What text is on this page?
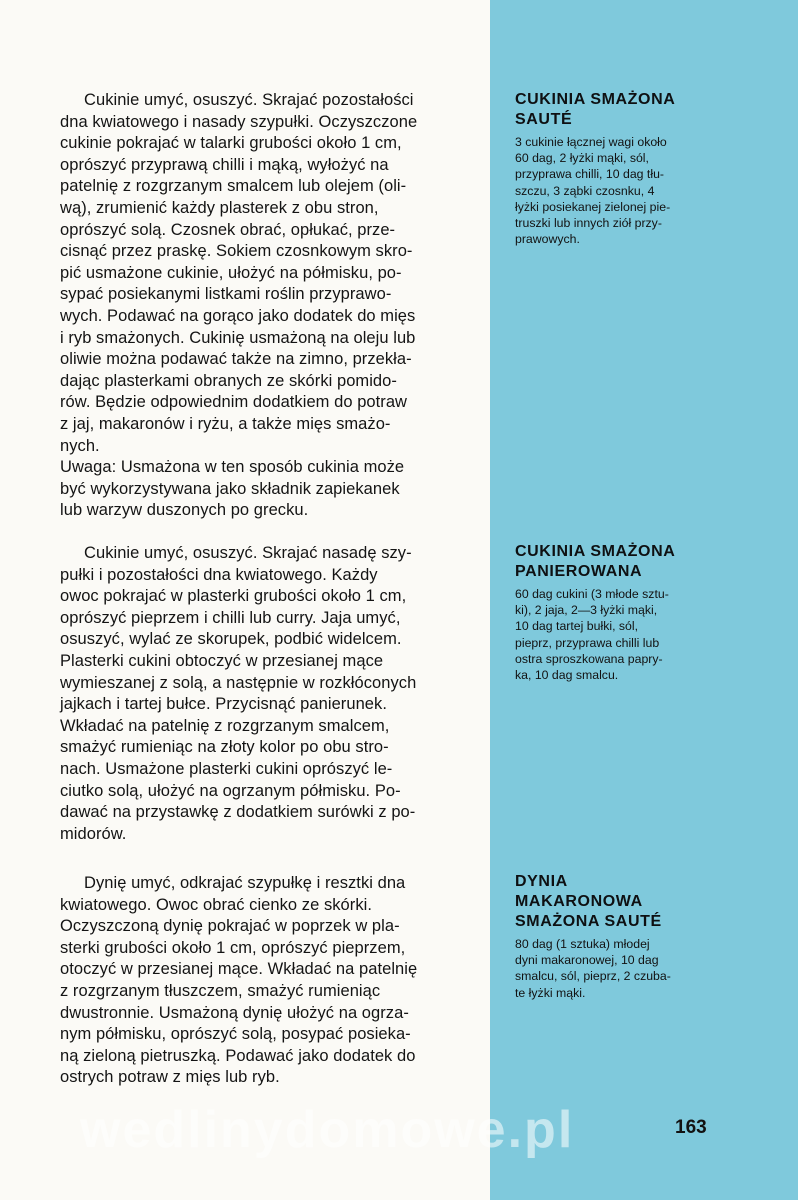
Cukinie umyć, osuszyć. Skrajać pozostałości
dna kwiatowego i nasady szypułki. Oczyszczone
cukinie pokrajać w talarki grubości około 1 cm,
oprószyć przyprawą chilli i mąką, wyłożyć na
patelnię z rozgrzanym smalcem lub olejem (oli-
wą), zrumienić każdy plasterek z obu stron,
oprószyć solą. Czosnek obrać, opłukać, prze-
cisnąć przez praskę. Sokiem czosnkowym skro-
pić usmażone cukinie, ułożyć na półmisku, po-
sypać posiekanymi listkami roślin przyprawo-
wych. Podawać na gorąco jako dodatek do mięs
i ryb smażonych. Cukinię usmażoną na oleju lub
oliwie można podawać także na zimno, przekła-
dając plasterkami obranych ze skórki pomido-
rów. Będzie odpowiednim dodatkiem do potraw
z jaj, makaronów i ryżu, a także mięs smażo-
nych.
Uwaga: Usmażona w ten sposób cukinia może
być wykorzystywana jako składnik zapiekanek
lub warzyw duszonych po grecku.

CUKINIA SMAŻONA
SAUTÉ

3 cukinie łącznej wagi około
60 dag, 2 łyżki mąki, sól,
przyprawa chilli, 10 dag tłu-
szczu, 3 ząbki czosnku, 4
łyżki posiekanej zielonej pie-
truszki lub innych ziół przy-
prawowych.

Cukinie umyć, osuszyć. Skrajać nasadę szy-
pułki i pozostałości dna kwiatowego. Każdy
owoc pokrajać w plasterki grubości około 1 cm,
oprószyć pieprzem i chilli lub curry. Jaja umyć,
osuszyć, wylać ze skorupek, podbić widelcem.
Plasterki cukini obtoczyć w przesianej mące
wymieszanej z solą, a następnie w rozkłóconych
jajkach i tartej bułce. Przycisnąć panierunek.
Wkładać na patelnię z rozgrzanym smalcem,
smażyć rumieniąc na złoty kolor po obu stro-
nach. Usmażone plasterki cukini oprószyć le-
ciutko solą, ułożyć na ogrzanym półmisku. Po-
dawać na przystawkę z dodatkiem surówki z po-
midorów.

CUKINIA SMAŻONA
PANIEROWANA

60 dag cukini (3 młode sztu-
ki), 2 jaja, 2—3 łyżki mąki,
10 dag tartej bułki, sól,
pieprz, przyprawa chilli lub
ostra sproszkowana papry-
ka, 10 dag smalcu.

Dynię umyć, odkrajać szypułkę i resztki dna
kwiatowego. Owoc obrać cienko ze skórki.
Oczyszczoną dynię pokrajać w poprzek w pla-
sterki grubości około 1 cm, oprószyć pieprzem,
otoczyć w przesianej mące. Wkładać na patelnię
z rozgrzanym tłuszczem, smażyć rumieniąc
dwustronnie. Usmażoną dynię ułożyć na ogrza-
nym półmisku, oprószyć solą, posypać posieka-
ną zieloną pietruszką. Podawać jako dodatek do
ostrych potraw z mięs lub ryb.

DYNIA
MAKARONOWA
SMAŻONA SAUTÉ

80 dag (1 sztuka) młodej
dyni makaronowej, 10 dag
smalcu, sól, pieprz, 2 czuba-
te łyżki mąki.

wedlinydomowe.pl	163
